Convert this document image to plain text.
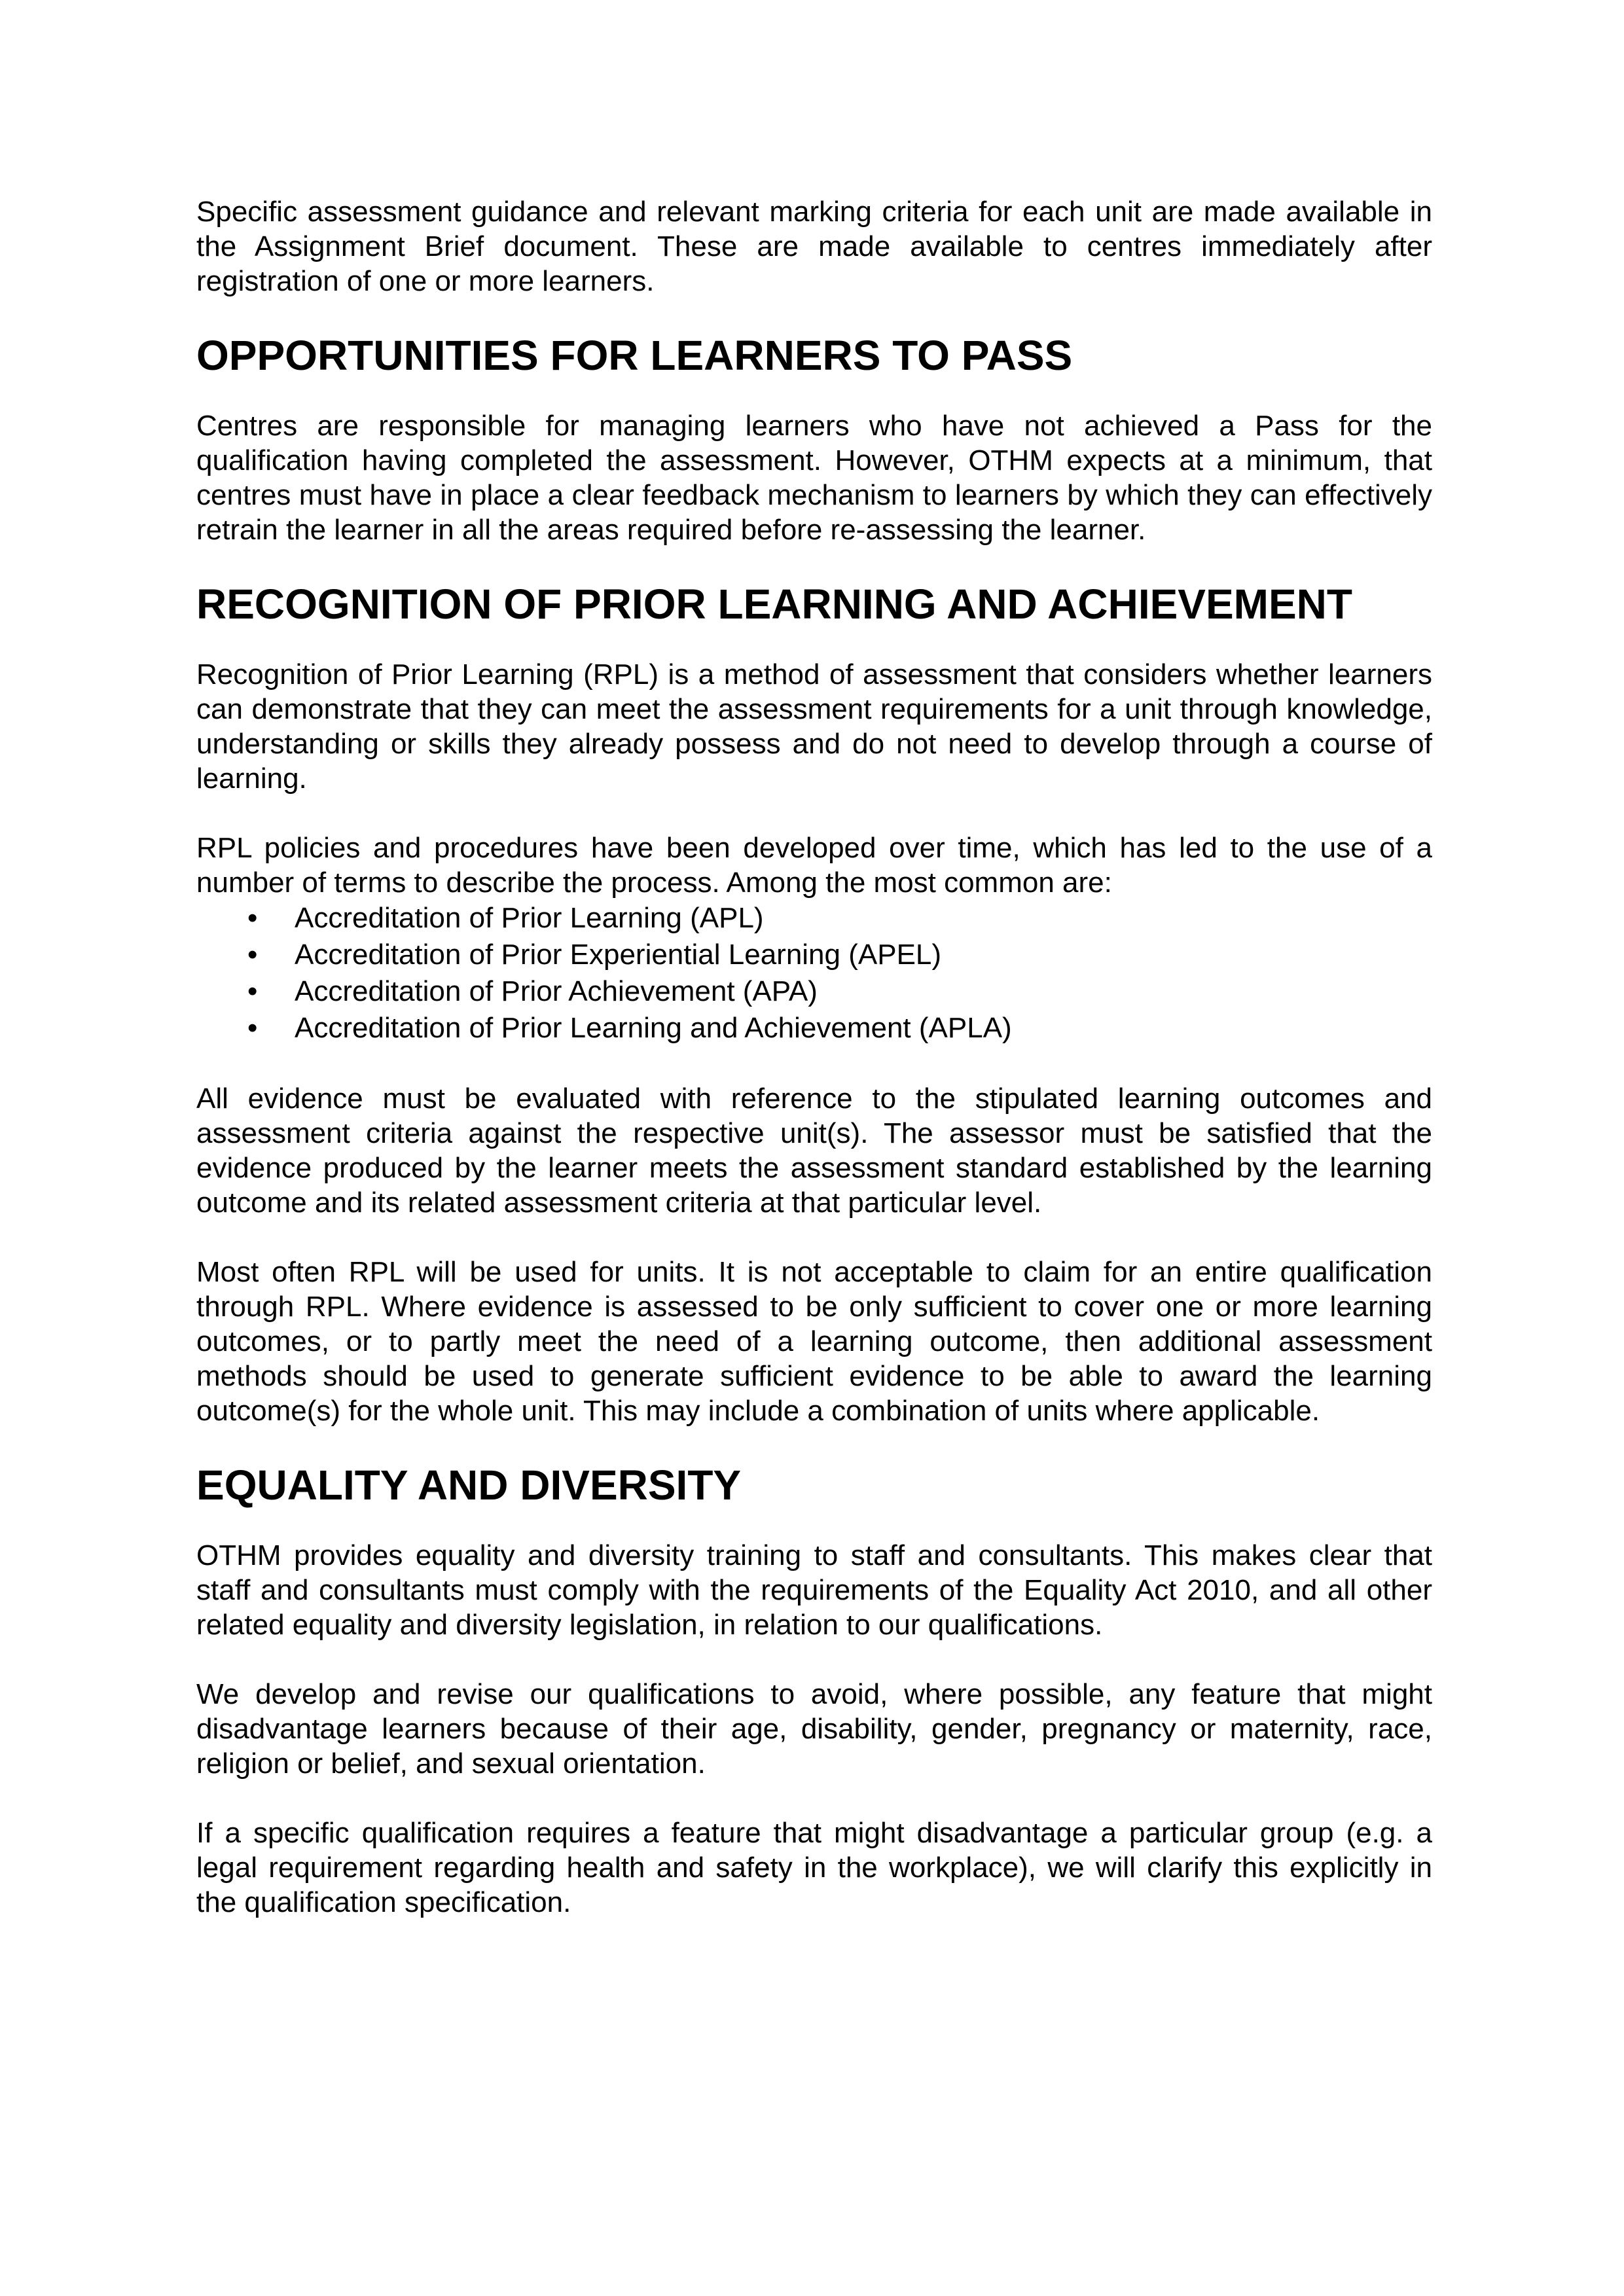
Specific assessment guidance and relevant marking criteria for each unit are made available in the Assignment Brief document. These are made available to centres immediately after registration of one or more learners.

OPPORTUNITIES FOR LEARNERS TO PASS

Centres are responsible for managing learners who have not achieved a Pass for the qualification having completed the assessment. However, OTHM expects at a minimum, that centres must have in place a clear feedback mechanism to learners by which they can effectively retrain the learner in all the areas required before re-assessing the learner.

RECOGNITION OF PRIOR LEARNING AND ACHIEVEMENT

Recognition of Prior Learning (RPL) is a method of assessment that considers whether learners can demonstrate that they can meet the assessment requirements for a unit through knowledge, understanding or skills they already possess and do not need to develop through a course of learning.

RPL policies and procedures have been developed over time, which has led to the use of a number of terms to describe the process. Among the most common are:

• Accreditation of Prior Learning (APL)
• Accreditation of Prior Experiential Learning (APEL)
• Accreditation of Prior Achievement (APA)
• Accreditation of Prior Learning and Achievement (APLA)

All evidence must be evaluated with reference to the stipulated learning outcomes and assessment criteria against the respective unit(s). The assessor must be satisfied that the evidence produced by the learner meets the assessment standard established by the learning outcome and its related assessment criteria at that particular level.

Most often RPL will be used for units. It is not acceptable to claim for an entire qualification through RPL. Where evidence is assessed to be only sufficient to cover one or more learning outcomes, or to partly meet the need of a learning outcome, then additional assessment methods should be used to generate sufficient evidence to be able to award the learning outcome(s) for the whole unit. This may include a combination of units where applicable.

EQUALITY AND DIVERSITY

OTHM provides equality and diversity training to staff and consultants. This makes clear that staff and consultants must comply with the requirements of the Equality Act 2010, and all other related equality and diversity legislation, in relation to our qualifications.

We develop and revise our qualifications to avoid, where possible, any feature that might disadvantage learners because of their age, disability, gender, pregnancy or maternity, race, religion or belief, and sexual orientation.

If a specific qualification requires a feature that might disadvantage a particular group (e.g. a legal requirement regarding health and safety in the workplace), we will clarify this explicitly in the qualification specification.
